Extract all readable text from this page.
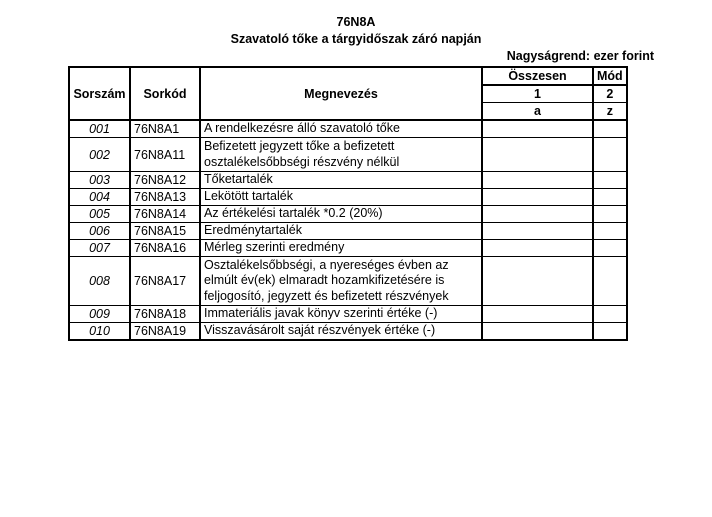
76N8A
Szavatoló tőke a tárgyidőszak záró napján
Nagyságrend: ezer forint
Sorszám	Sorkód	Megnevezés	Összesen	Mód
			1	2
			a	z
001	76N8A1	A rendelkezésre álló szavatoló tőke		
002	76N8A11	Befizetett jegyzett tőke a befizetett osztalékelsőbbségi részvény nélkül		
003	76N8A12	Tőketartalék		
004	76N8A13	Lekötött tartalék		
005	76N8A14	Az értékelési tartalék *0.2 (20%)		
006	76N8A15	Eredménytartalék		
007	76N8A16	Mérleg szerinti eredmény		
008	76N8A17	Osztalékelsőbbségi, a nyereséges évben az elmúlt év(ek) elmaradt hozamkifizetésére is feljogosító, jegyzett és befizetett részvények		
009	76N8A18	Immateriális javak könyv szerinti értéke (-)		
010	76N8A19	Visszavásárolt saját részvények értéke (-)		
